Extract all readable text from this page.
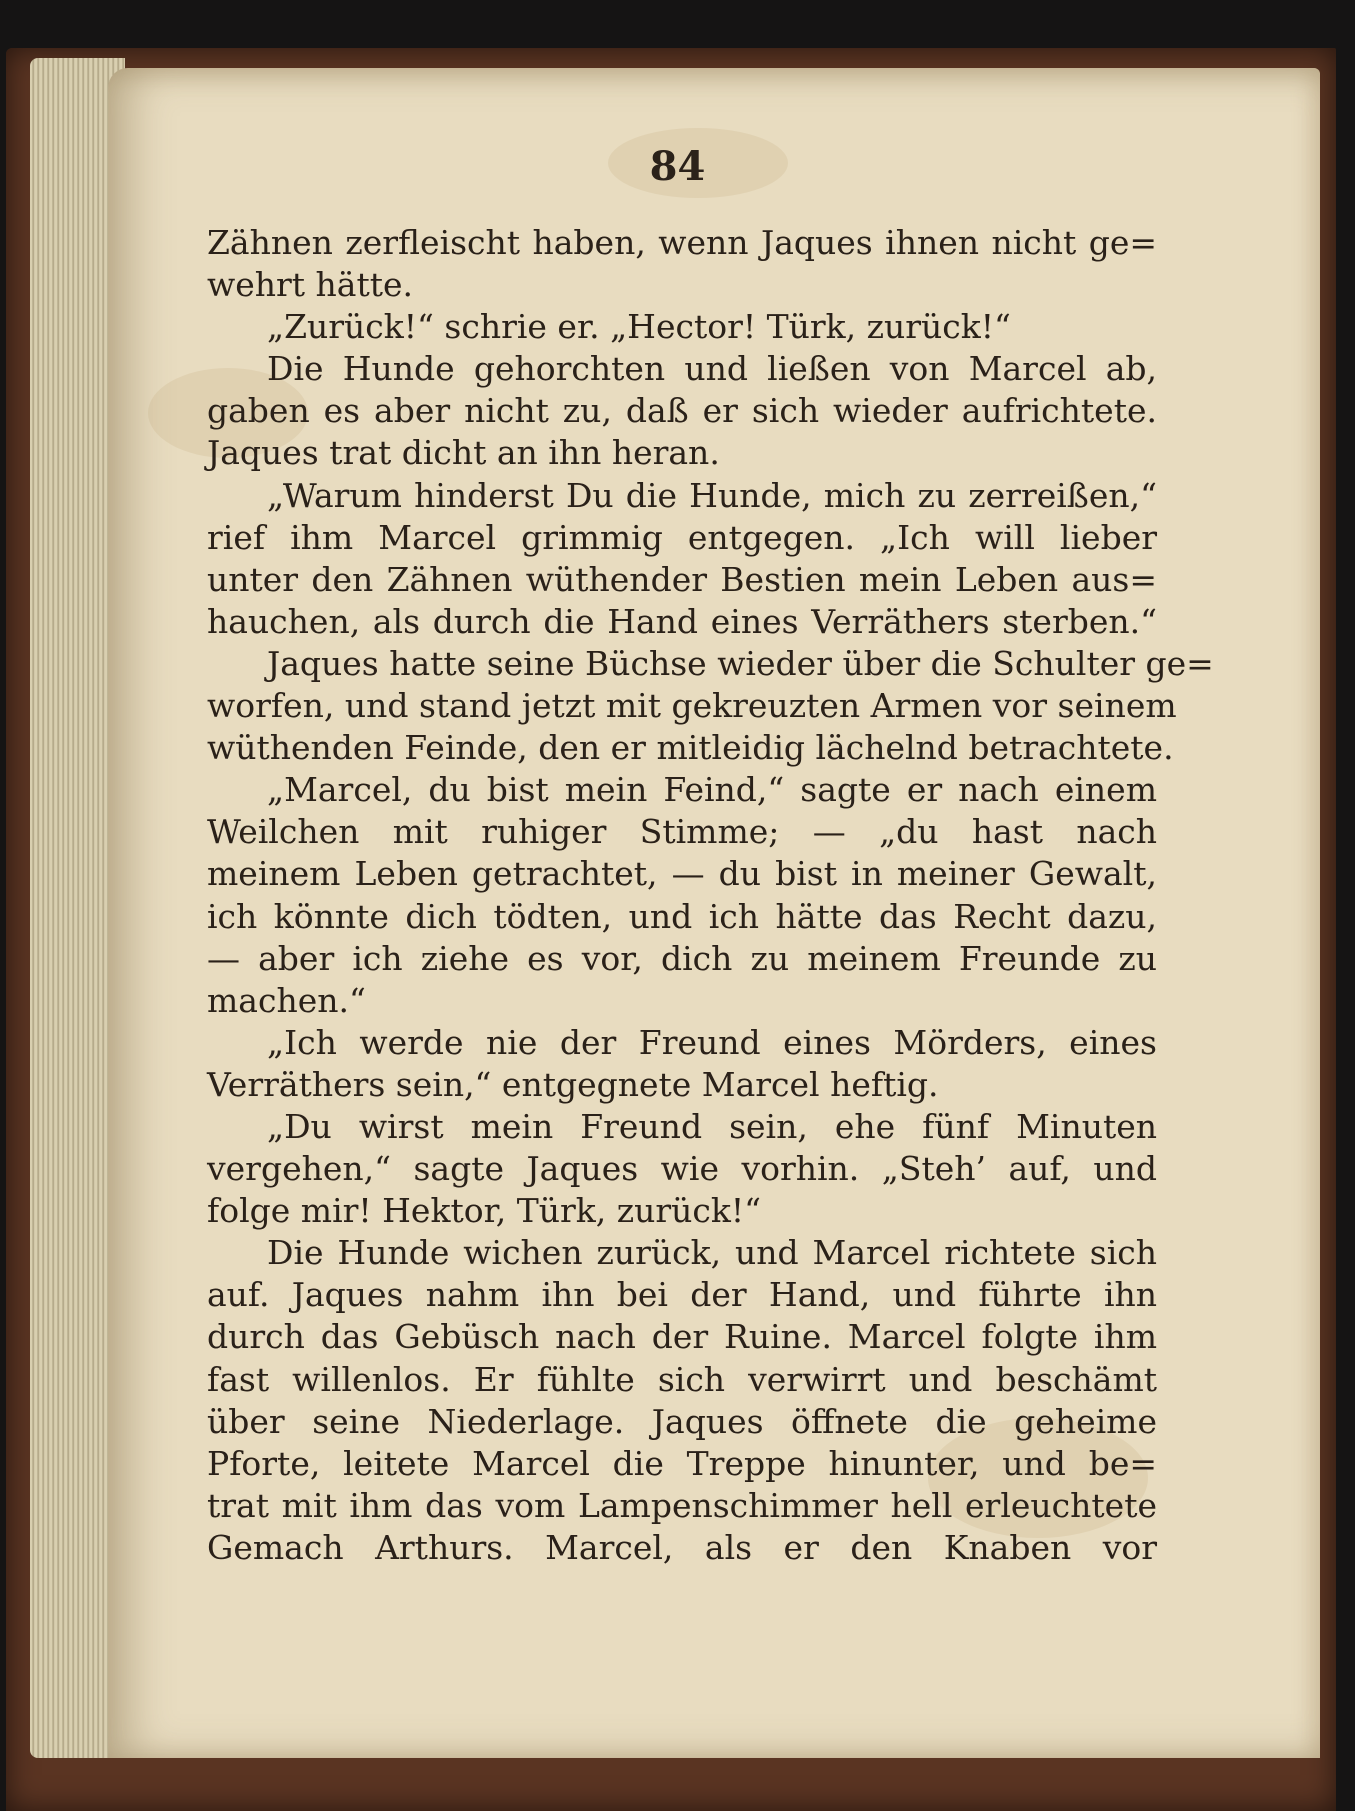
84
Zähnen zerfleischt haben, wenn Jaques ihnen nicht ge=
wehrt hätte.
„Zurück!“ schrie er. „Hector! Türk, zurück!“
Die Hunde gehorchten und ließen von Marcel ab,
gaben es aber nicht zu, daß er sich wieder aufrichtete.
Jaques trat dicht an ihn heran.
„Warum hinderst Du die Hunde, mich zu zerreißen,“
rief ihm Marcel grimmig entgegen. „Ich will lieber
unter den Zähnen wüthender Bestien mein Leben aus=
hauchen, als durch die Hand eines Verräthers sterben.“
Jaques hatte seine Büchse wieder über die Schulter ge=
worfen, und stand jetzt mit gekreuzten Armen vor seinem
wüthenden Feinde, den er mitleidig lächelnd betrachtete.
„Marcel, du bist mein Feind,“ sagte er nach einem
Weilchen mit ruhiger Stimme; — „du hast nach
meinem Leben getrachtet, — du bist in meiner Gewalt,
ich könnte dich tödten, und ich hätte das Recht dazu,
— aber ich ziehe es vor, dich zu meinem Freunde zu
machen.“
„Ich werde nie der Freund eines Mörders, eines
Verräthers sein,“ entgegnete Marcel heftig.
„Du wirst mein Freund sein, ehe fünf Minuten
vergehen,“ sagte Jaques wie vorhin. „Steh’ auf, und
folge mir! Hektor, Türk, zurück!“
Die Hunde wichen zurück, und Marcel richtete sich
auf. Jaques nahm ihn bei der Hand, und führte ihn
durch das Gebüsch nach der Ruine. Marcel folgte ihm
fast willenlos. Er fühlte sich verwirrt und beschämt
über seine Niederlage. Jaques öffnete die geheime
Pforte, leitete Marcel die Treppe hinunter, und be=
trat mit ihm das vom Lampenschimmer hell erleuchtete
Gemach Arthurs. Marcel, als er den Knaben vor
